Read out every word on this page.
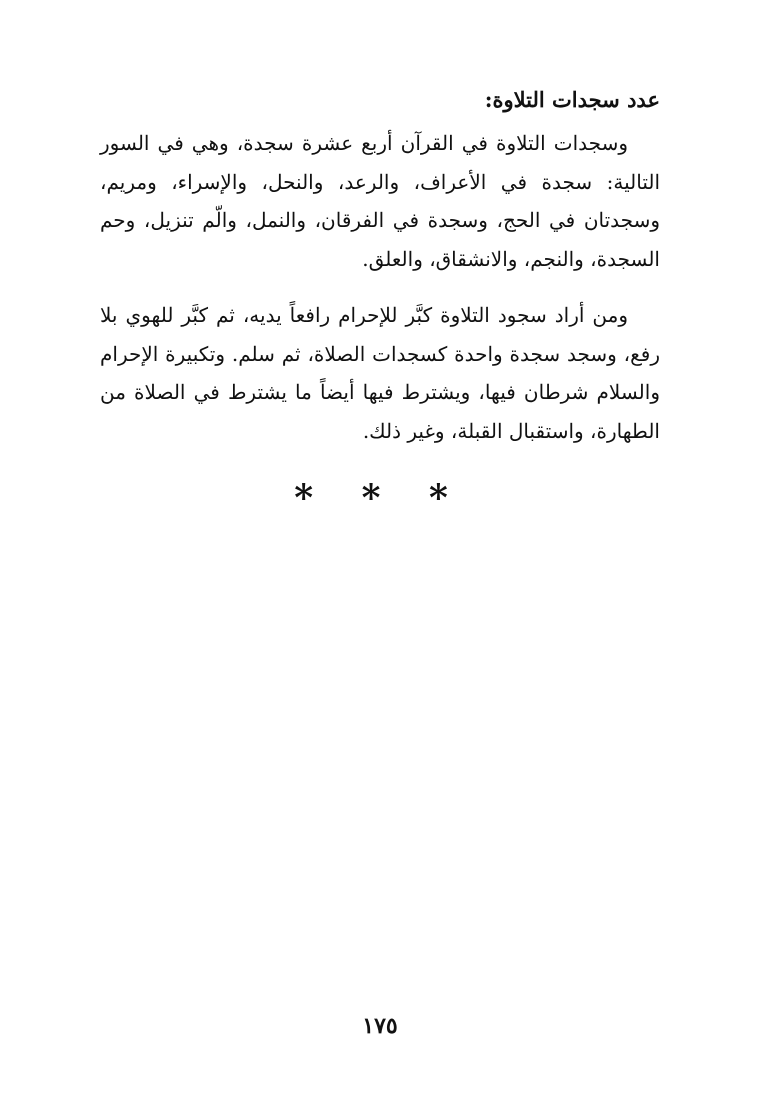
عدد سجدات التلاوة:

وسجدات التلاوة في القرآن أربع عشرة سجدة، وهي في السور التالية: سجدة في الأعراف، والرعد، والنحل، والإسراء، ومريم، وسجدتان في الحج، وسجدة في الفرقان، والنمل، والّم تنزيل، وحم السجدة، والنجم، والانشقاق، والعلق.

ومن أراد سجود التلاوة كبَّر للإحرام رافعاً يديه، ثم كبَّر للهوي بلا رفع، وسجد سجدة واحدة كسجدات الصلاة، ثم سلم. وتكبيرة الإحرام والسلام شرطان فيها، ويشترط فيها أيضاً ما يشترط في الصلاة من الطهارة، واستقبال القبلة، وغير ذلك.

* * *
١٧٥
